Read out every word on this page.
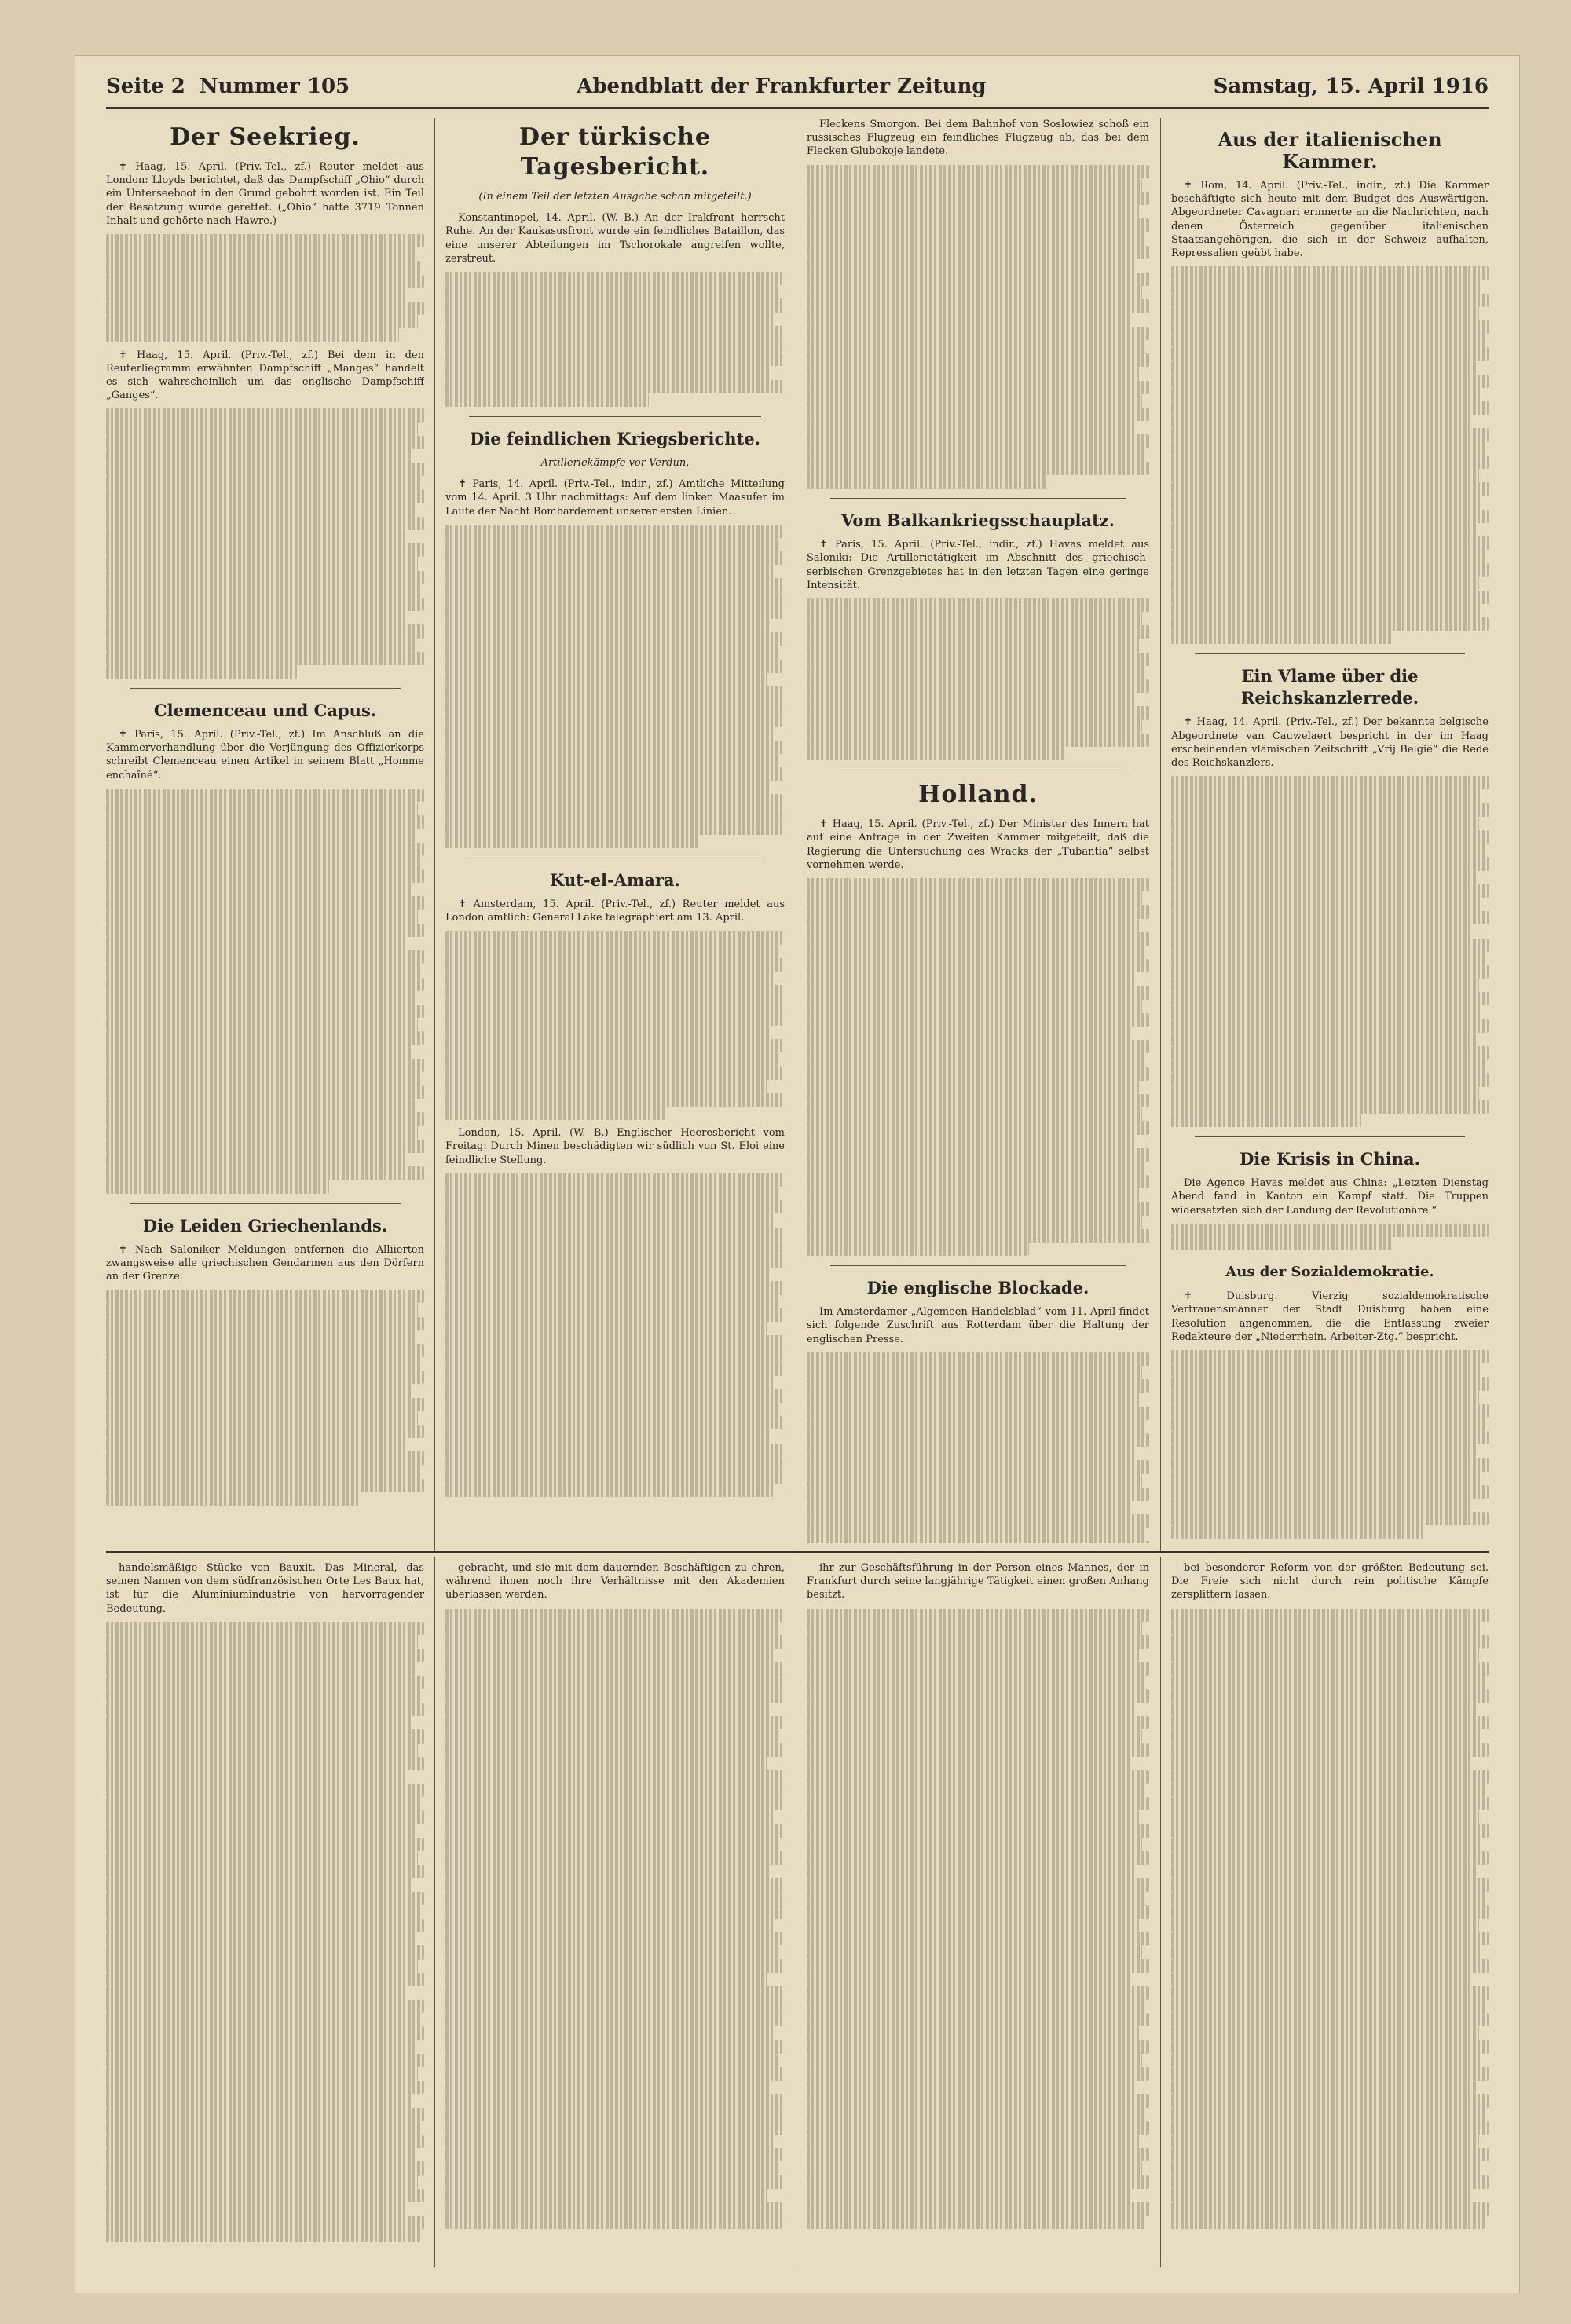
Seite 2 Nummer 105	Abendblatt der Frankfurter Zeitung	Samstag, 15. April 1916
Der Seekrieg.

✝ Haag, 15. April. (Priv.-Tel., zf.) Reuter meldet aus London: Lloyds berichtet, daß das Dampfschiff „Ohio“ durch ein Unterseeboot in den Grund gebohrt worden ist. Ein Teil der Besatzung wurde gerettet. („Ohio“ hatte 3719 Tonnen Inhalt und gehörte nach Hawre.)

✝ Haag, 15. April. (Priv.-Tel., zf.) Bei dem in den Reuterliegramm erwähnten Dampfschiff „Manges“ handelt es sich wahrscheinlich um das englische Dampfschiff „Ganges“.

Clemenceau und Capus.

✝ Paris, 15. April. (Priv.-Tel., zf.) Im Anschluß an die Kammerverhandlung über die Verjüngung des Offizierkorps schreibt Clemenceau einen Artikel in seinem Blatt „Homme enchaîné“.

Die Leiden Griechenlands.

✝ Nach Saloniker Meldungen entfernen die Alliierten zwangsweise alle griechischen Gendarmen aus den Dörfern an der Grenze.

Der türkische Tagesbericht.
(In einem Teil der letzten Ausgabe schon mitgeteilt.)

Konstantinopel, 14. April. (W. B.) An der Irakfront herrscht Ruhe. An der Kaukasusfront wurde ein feindliches Bataillon, das eine unserer Abteilungen im Tschorokale angreifen wollte, zerstreut.

Die feindlichen Kriegsberichte.
Artilleriekämpfe vor Verdun.

✝ Paris, 14. April. (Priv.-Tel., indir., zf.) Amtliche Mitteilung vom 14. April. 3 Uhr nachmittags: Auf dem linken Maasufer im Laufe der Nacht Bombardement unserer ersten Linien.

Kut-el-Amara.

✝ Amsterdam, 15. April. (Priv.-Tel., zf.) Reuter meldet aus London amtlich: General Lake telegraphiert am 13. April.

London, 15. April. (W. B.) Englischer Heeresbericht vom Freitag: Durch Minen beschädigten wir südlich von St. Eloi eine feindliche Stellung.

Fleckens Smorgon. Bei dem Bahnhof von Soslowiez schoß ein russisches Flugzeug ein feindliches Flugzeug ab, das bei dem Flecken Glubokoje landete.

Vom Balkankriegsschauplatz.

✝ Paris, 15. April. (Priv.-Tel., indir., zf.) Havas meldet aus Saloniki: Die Artillerietätigkeit im Abschnitt des griechisch-serbischen Grenzgebietes hat in den letzten Tagen eine geringe Intensität.

Holland.

✝ Haag, 15. April. (Priv.-Tel., zf.) Der Minister des Innern hat auf eine Anfrage in der Zweiten Kammer mitgeteilt, daß die Regierung die Untersuchung des Wracks der „Tubantia“ selbst vornehmen werde.

Die englische Blockade.

Im Amsterdamer „Algemeen Handelsblad“ vom 11. April findet sich folgende Zuschrift aus Rotterdam über die Haltung der englischen Presse.

Aus der italienischen Kammer.

✝ Rom, 14. April. (Priv.-Tel., indir., zf.) Die Kammer beschäftigte sich heute mit dem Budget des Auswärtigen. Abgeordneter Cavagnari erinnerte an die Nachrichten, nach denen Österreich gegenüber italienischen Staatsangehörigen, die sich in der Schweiz aufhalten, Repressalien geübt habe.

Ein Vlame über die Reichskanzlerrede.

✝ Haag, 14. April. (Priv.-Tel., zf.) Der bekannte belgische Abgeordnete van Cauwelaert bespricht in der im Haag erscheinenden vlämischen Zeitschrift „Vrij België“ die Rede des Reichskanzlers.

Die Krisis in China.

Die Agence Havas meldet aus China: „Letzten Dienstag Abend fand in Kanton ein Kampf statt. Die Truppen widersetzten sich der Landung der Revolutionäre.“

Aus der Sozialdemokratie.

✝ Duisburg. Vierzig sozialdemokratische Vertrauensmänner der Stadt Duisburg haben eine Resolution angenommen, die die Entlassung zweier Redakteure der „Niederrhein. Arbeiter-Ztg.“ bespricht.

handelsmäßige Stücke von Bauxit. Das Mineral, das seinen Namen von dem südfranzösischen Orte Les Baux hat, ist für die Aluminiumindustrie von hervorragender Bedeutung.

gebracht, und sie mit dem dauernden Beschäftigen zu ehren, während ihnen noch ihre Verhältnisse mit den Akademien überlassen werden.

ihr zur Geschäftsführung in der Person eines Mannes, der in Frankfurt durch seine langjährige Tätigkeit einen großen Anhang besitzt.

bei besonderer Reform von der größten Bedeutung sei. Die Freie sich nicht durch rein politische Kämpfe zersplittern lassen.
